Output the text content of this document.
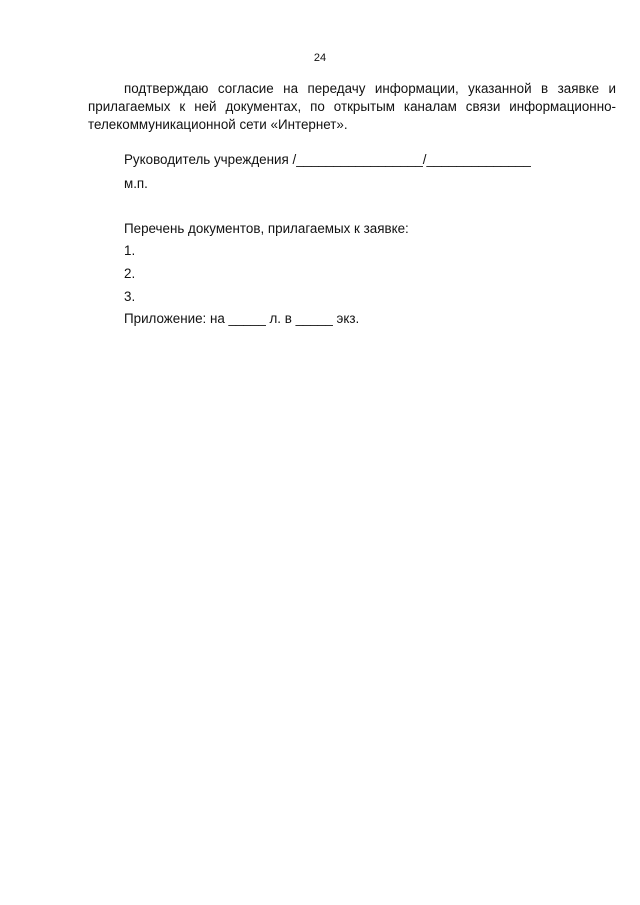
24

подтверждаю согласие на передачу информации, указанной в заявке и прилагаемых к ней документах, по открытым каналам связи информационно-телекоммуникационной сети «Интернет».

Руководитель учреждения /_________________/______________

м.п.

Перечень документов, прилагаемых к заявке:

1.

2.

3.

Приложение: на _____ л. в _____ экз.
